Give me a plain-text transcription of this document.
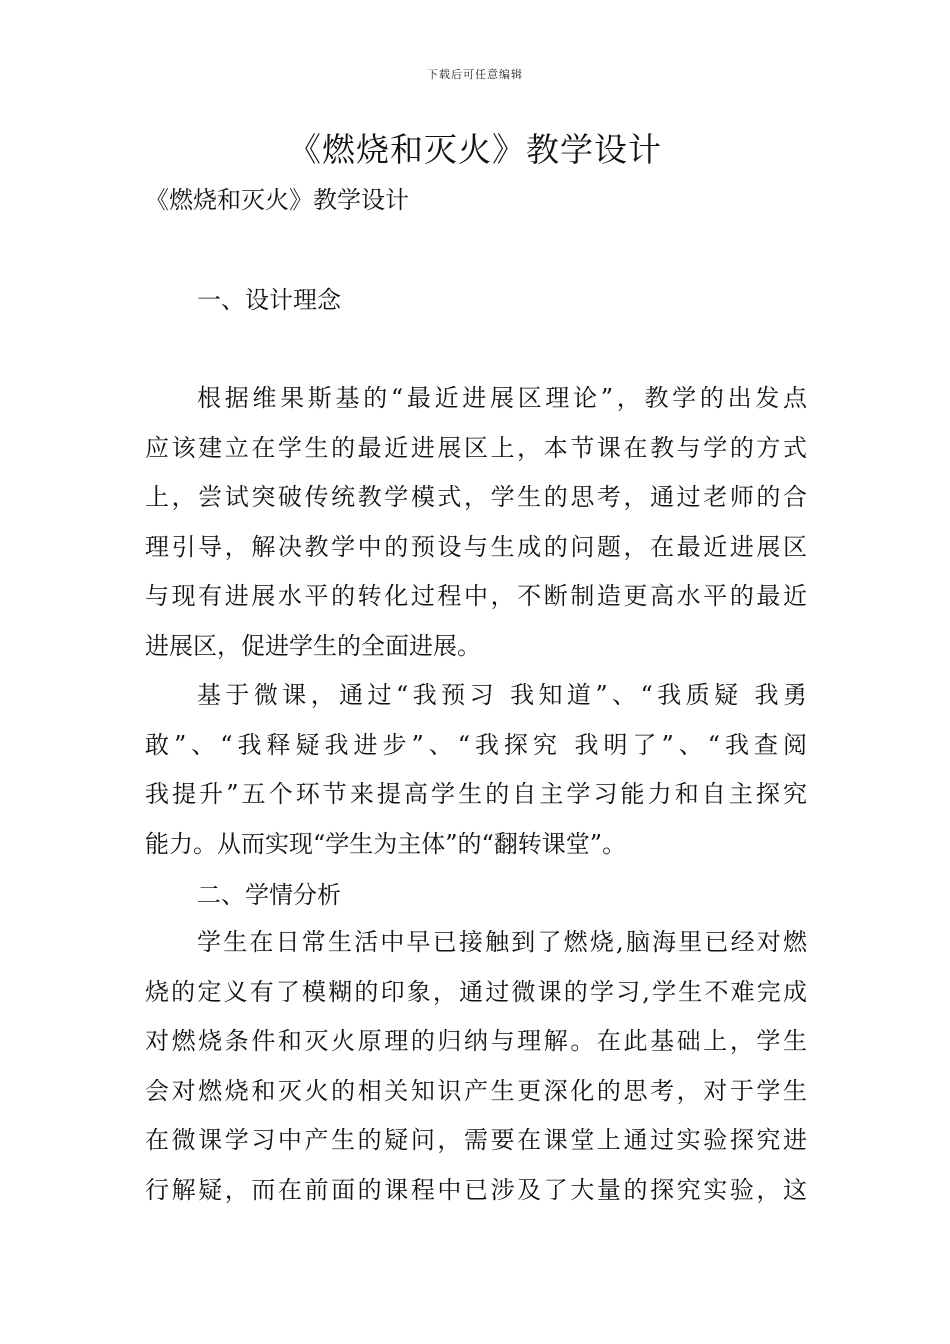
下载后可任意编辑
《燃烧和灭火》教学设计
《燃烧和灭火》教学设计
一、设计理念
根据维果斯基的“最近进展区理论”，教学的出发点
应该建立在学生的最近进展区上，本节课在教与学的方式
上，尝试突破传统教学模式，学生的思考，通过老师的合
理引导，解决教学中的预设与生成的问题，在最近进展区
与现有进展水平的转化过程中，不断制造更高水平的最近
进展区，促进学生的全面进展。
基于微课，通过“我预习 我知道”、“我质疑 我勇
敢”、“我释疑我进步”、“我探究 我明了”、“我查阅
我提升”五个环节来提高学生的自主学习能力和自主探究
能力。从而实现“学生为主体”的“翻转课堂”。
二、学情分析
学生在日常生活中早已接触到了燃烧,脑海里已经对燃
烧的定义有了模糊的印象，通过微课的学习,学生不难完成
对燃烧条件和灭火原理的归纳与理解。在此基础上，学生
会对燃烧和灭火的相关知识产生更深化的思考，对于学生
在微课学习中产生的疑问，需要在课堂上通过实验探究进
行解疑，而在前面的课程中已涉及了大量的探究实验，这
